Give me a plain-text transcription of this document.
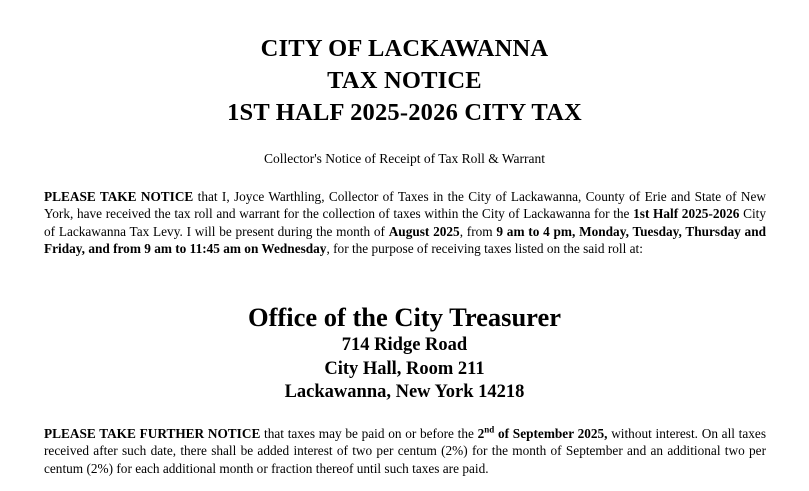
CITY OF LACKAWANNA
TAX NOTICE
1ST HALF 2025-2026 CITY TAX
Collector's Notice of Receipt of Tax Roll & Warrant
PLEASE TAKE NOTICE that I, Joyce Warthling, Collector of Taxes in the City of Lackawanna, County of Erie and State of New York, have received the tax roll and warrant for the collection of taxes within the City of Lackawanna for the 1st Half 2025-2026 City of Lackawanna Tax Levy. I will be present during the month of August 2025, from 9 am to 4 pm, Monday, Tuesday, Thursday and Friday, and from 9 am to 11:45 am on Wednesday, for the purpose of receiving taxes listed on the said roll at:
Office of the City Treasurer
714 Ridge Road
City Hall, Room 211
Lackawanna, New York 14218
PLEASE TAKE FURTHER NOTICE that taxes may be paid on or before the 2nd of September 2025, without interest. On all taxes received after such date, there shall be added interest of two per centum (2%) for the month of September and an additional two per centum (2%) for each additional month or fraction thereof until such taxes are paid.
